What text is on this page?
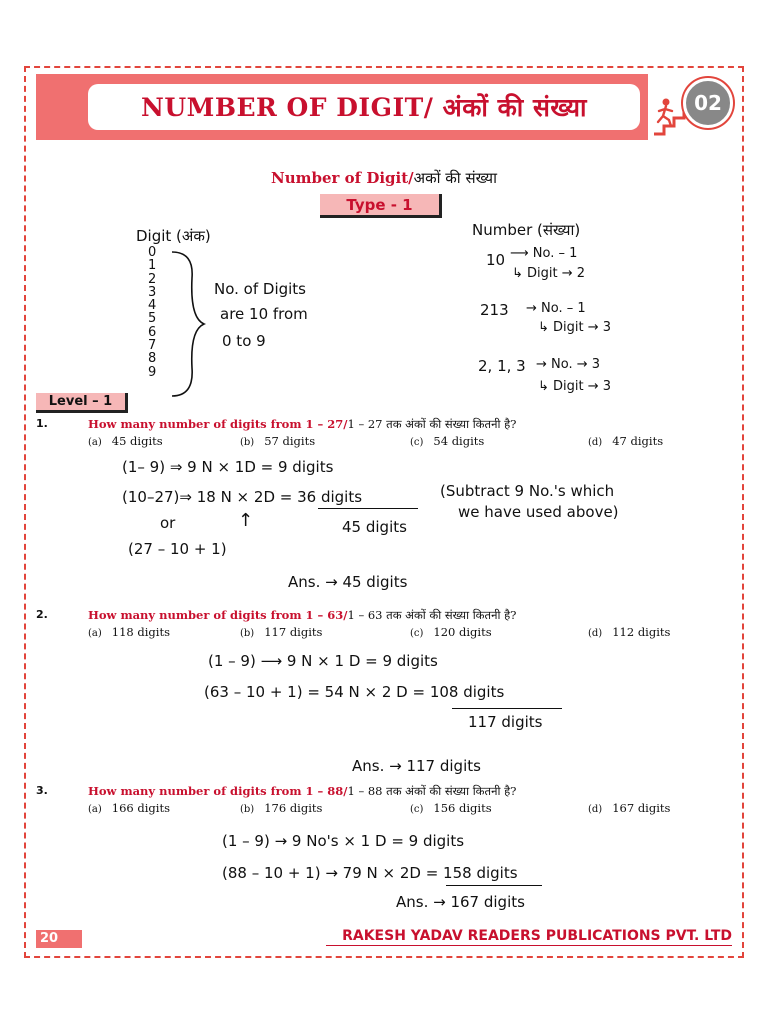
NUMBER OF DIGIT/ अंकों की संख्या	02
Number of Digit/अकों की संख्या
Type - 1
Digit (अंक)
0
1
2
3
4
5
6
7
8
9
No. of Digits
are 10 from
0 to 9
Number (संख्या)
10 ⟶ No. – 1
↳ Digit → 2
213 → No. – 1
↳ Digit → 3
2, 1, 3 → No. → 3
↳ Digit → 3
Level – 1
1.	How many number of digits from 1 – 27/1 – 27 तक अंकों की संख्या कितनी है?
(a) 45 digits	(b) 57 digits	(c) 54 digits	(d) 47 digits
(1– 9) ⇒ 9 N × 1D = 9 digits
(10–27)⇒ 18 N × 2D = 36 digits	(Subtract 9 No.'s which
we have used above)
or	↑	45 digits
(27 – 10 + 1)
Ans. → 45 digits
2.	How many number of digits from 1 – 63/1 – 63 तक अंकों की संख्या कितनी है?
(a) 118 digits	(b) 117 digits	(c) 120 digits	(d) 112 digits
(1 – 9) ⟶ 9 N × 1 D = 9 digits
(63 – 10 + 1) = 54 N × 2 D = 108 digits
117 digits
Ans. → 117 digits
3.	How many number of digits from 1 – 88/1 – 88 तक अंकों की संख्या कितनी है?
(a) 166 digits	(b) 176 digits	(c) 156 digits	(d) 167 digits
(1 – 9) → 9 No's × 1 D = 9 digits
(88 – 10 + 1) → 79 N × 2D = 158 digits
Ans. → 167 digits
20	RAKESH YADAV READERS PUBLICATIONS PVT. LTD
